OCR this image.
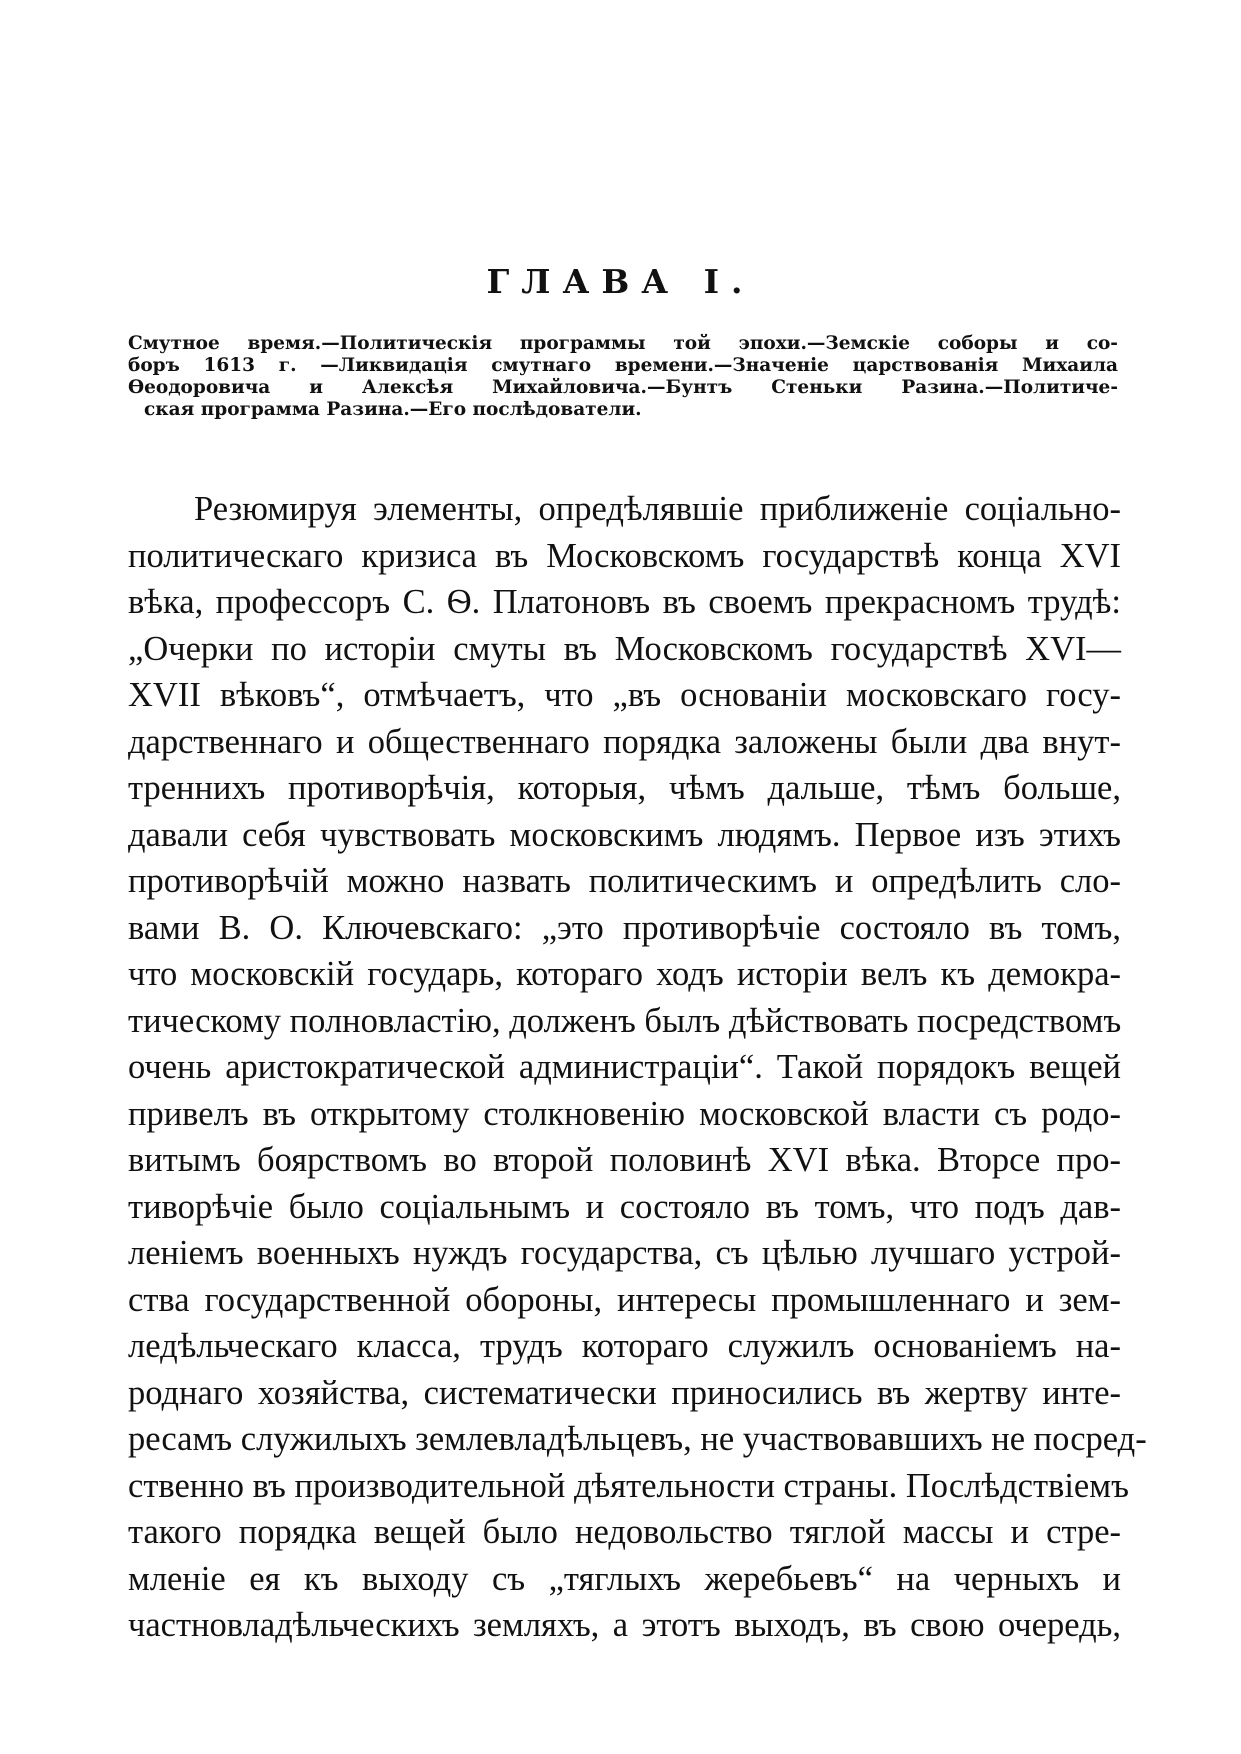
ГЛАВА I.
Смутное время.—Политическія программы той эпохи.—Земскіе соборы и со-
боръ 1613 г. —Ликвидація смутнаго времени.—Значеніе царствованія Михаила
Өеодоровича и Алексѣя Михайловича.—Бунтъ Стеньки Разина.—Политиче-
ская программа Разина.—Его послѣдователи.
Резюмируя элементы, опредѣлявшіе приближеніе соціально-
политическаго кризиса въ Московскомъ государствѣ конца XVI
вѣка, профессоръ С. Ѳ. Платоновъ въ своемъ прекрасномъ трудѣ:
„Очерки по исторіи смуты въ Московскомъ государствѣ XVI—
XVII вѣковъ“, отмѣчаетъ, что „въ основаніи московскаго госу-
дарственнаго и общественнаго порядка заложены были два внут-
треннихъ противорѣчія, которыя, чѣмъ дальше, тѣмъ больше,
давали себя чувствовать московскимъ людямъ. Первое изъ этихъ
противорѣчій можно назвать политическимъ и опредѣлить сло-
вами В. О. Ключевскаго: „это противорѣчіе состояло въ томъ,
что московскій государь, котораго ходъ исторіи велъ къ демокра-
тическому полновластію, долженъ былъ дѣйствовать посредствомъ
очень аристократической администраціи“. Такой порядокъ вещей
привелъ въ открытому столкновенію московской власти съ родо-
витымъ боярствомъ во второй половинѣ XVI вѣка. Вторсе про-
тиворѣчіе было соціальнымъ и состояло въ томъ, что подъ дав-
леніемъ военныхъ нуждъ государства, съ цѣлью лучшаго устрой-
ства государственной обороны, интересы промышленнаго и зем-
ледѣльческаго класса, трудъ котораго служилъ основаніемъ на-
роднаго хозяйства, систематически приносились въ жертву инте-
ресамъ служилыхъ землевладѣльцевъ, не участвовавшихъ не посред-
ственно въ производительной дѣятельности страны. Послѣдствіемъ
такого порядка вещей было недовольство тяглой массы и стре-
мленіе ея къ выходу съ „тяглыхъ жеребьевъ“ на черныхъ и
частновладѣльческихъ земляхъ, а этотъ выходъ, въ свою очередь,
